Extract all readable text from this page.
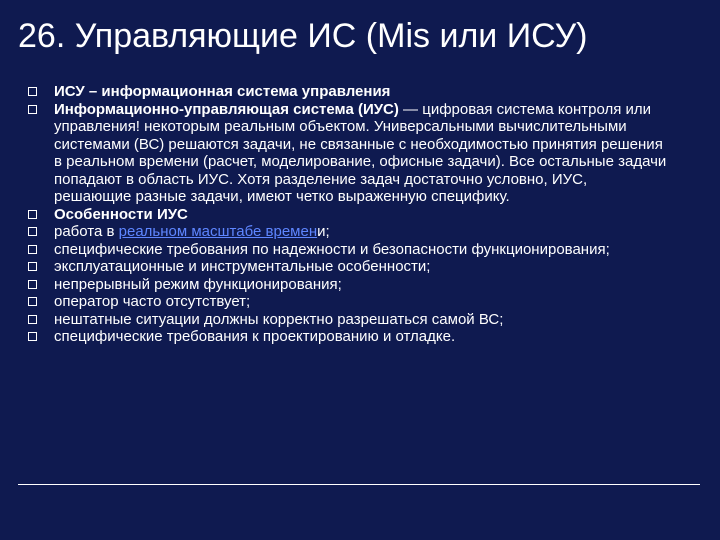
26. Управляющие ИС (Mis или ИСУ)
ИСУ – информационная система управления
Информационно-управляющая система (ИУС) — цифровая система контроля или управления! некоторым реальным объектом. Универсальными вычислительными системами (ВС) решаются задачи, не связанные с необходимостью принятия решения в реальном времени (расчет, моделирование, офисные задачи). Все остальные задачи попадают в область ИУС. Хотя разделение задач достаточно условно, ИУС, решающие разные задачи, имеют четко выраженную специфику.
Особенности ИУС
работа в реальном масштабе времени;
специфические требования по надежности и безопасности функционирования;
эксплуатационные и инструментальные особенности;
непрерывный режим функционирования;
оператор часто отсутствует;
нештатные ситуации должны корректно разрешаться самой ВС;
специфические требования к проектированию и отладке.
